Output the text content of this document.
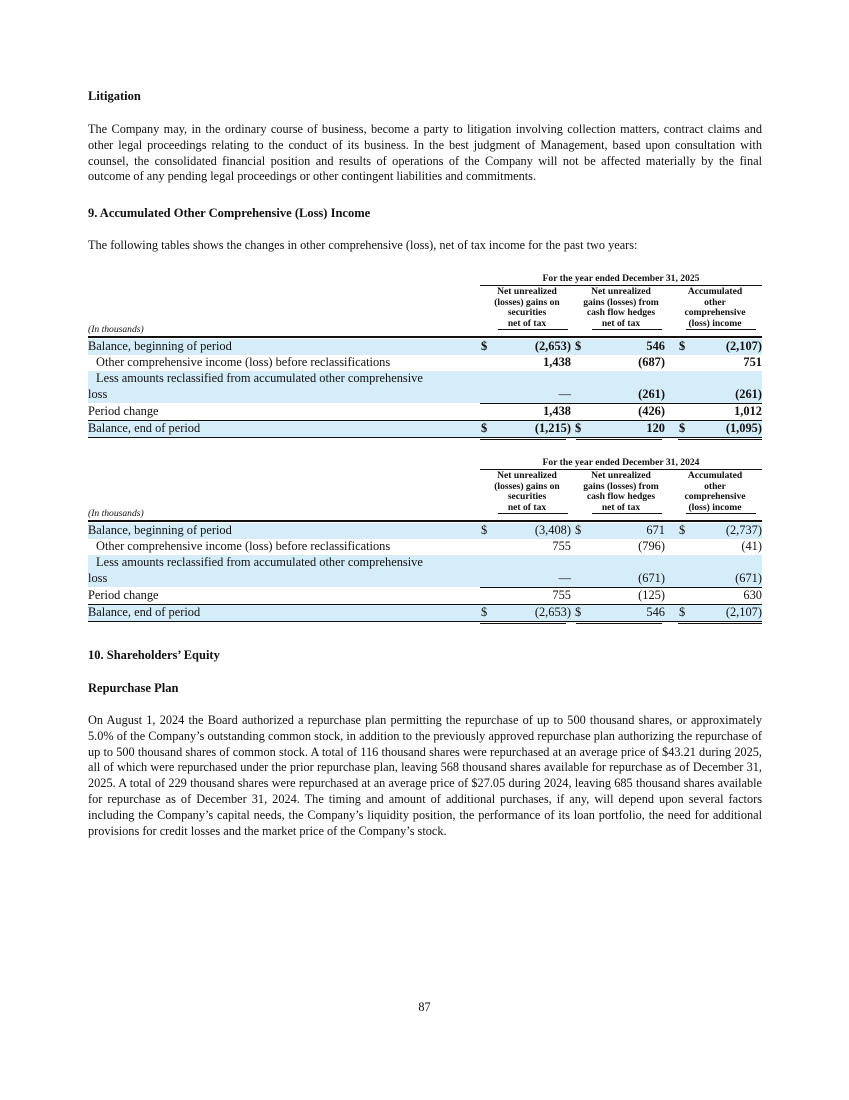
Litigation
The Company may, in the ordinary course of business, become a party to litigation involving collection matters, contract claims and other legal proceedings relating to the conduct of its business. In the best judgment of Management, based upon consultation with counsel, the consolidated financial position and results of operations of the Company will not be affected materially by the final outcome of any pending legal proceedings or other contingent liabilities and commitments.
9. Accumulated Other Comprehensive (Loss) Income
The following tables shows the changes in other comprehensive (loss), net of tax income for the past two years:
For the year ended December 31, 2025
Net unrealized
(losses) gains on
securities
net of tax
Net unrealized
gains (losses) from
cash flow hedges
net of tax
Accumulated
other
comprehensive
(loss) income
(In thousands)
Balance, beginning of period	$	(2,653) $	546 $	(2,107)
Other comprehensive income (loss) before reclassifications	1,438	(687)	751
Less amounts reclassified from accumulated other comprehensive
loss	—	(261)	(261)
Period change	1,438	(426)	1,012
Balance, end of period	$	(1,215) $	120 $	(1,095)
For the year ended December 31, 2024
Net unrealized
(losses) gains on
securities
net of tax
Net unrealized
gains (losses) from
cash flow hedges
net of tax
Accumulated
other
comprehensive
(loss) income
(In thousands)
Balance, beginning of period	$	(3,408) $	671 $	(2,737)
Other comprehensive income (loss) before reclassifications	755	(796)	(41)
Less amounts reclassified from accumulated other comprehensive
loss	—	(671)	(671)
Period change	755	(125)	630
Balance, end of period	$	(2,653) $	546 $	(2,107)
10. Shareholders’ Equity
Repurchase Plan
On August 1, 2024 the Board authorized a repurchase plan permitting the repurchase of up to 500 thousand shares, or approximately 5.0% of the Company’s outstanding common stock, in addition to the previously approved repurchase plan authorizing the repurchase of up to 500 thousand shares of common stock. A total of 116 thousand shares were repurchased at an average price of $43.21 during 2025, all of which were repurchased under the prior repurchase plan, leaving 568 thousand shares available for repurchase as of December 31, 2025. A total of 229 thousand shares were repurchased at an average price of $27.05 during 2024, leaving 685 thousand shares available for repurchase as of December 31, 2024. The timing and amount of additional purchases, if any, will depend upon several factors including the Company’s capital needs, the Company’s liquidity position, the performance of its loan portfolio, the need for additional provisions for credit losses and the market price of the Company’s stock.
87
